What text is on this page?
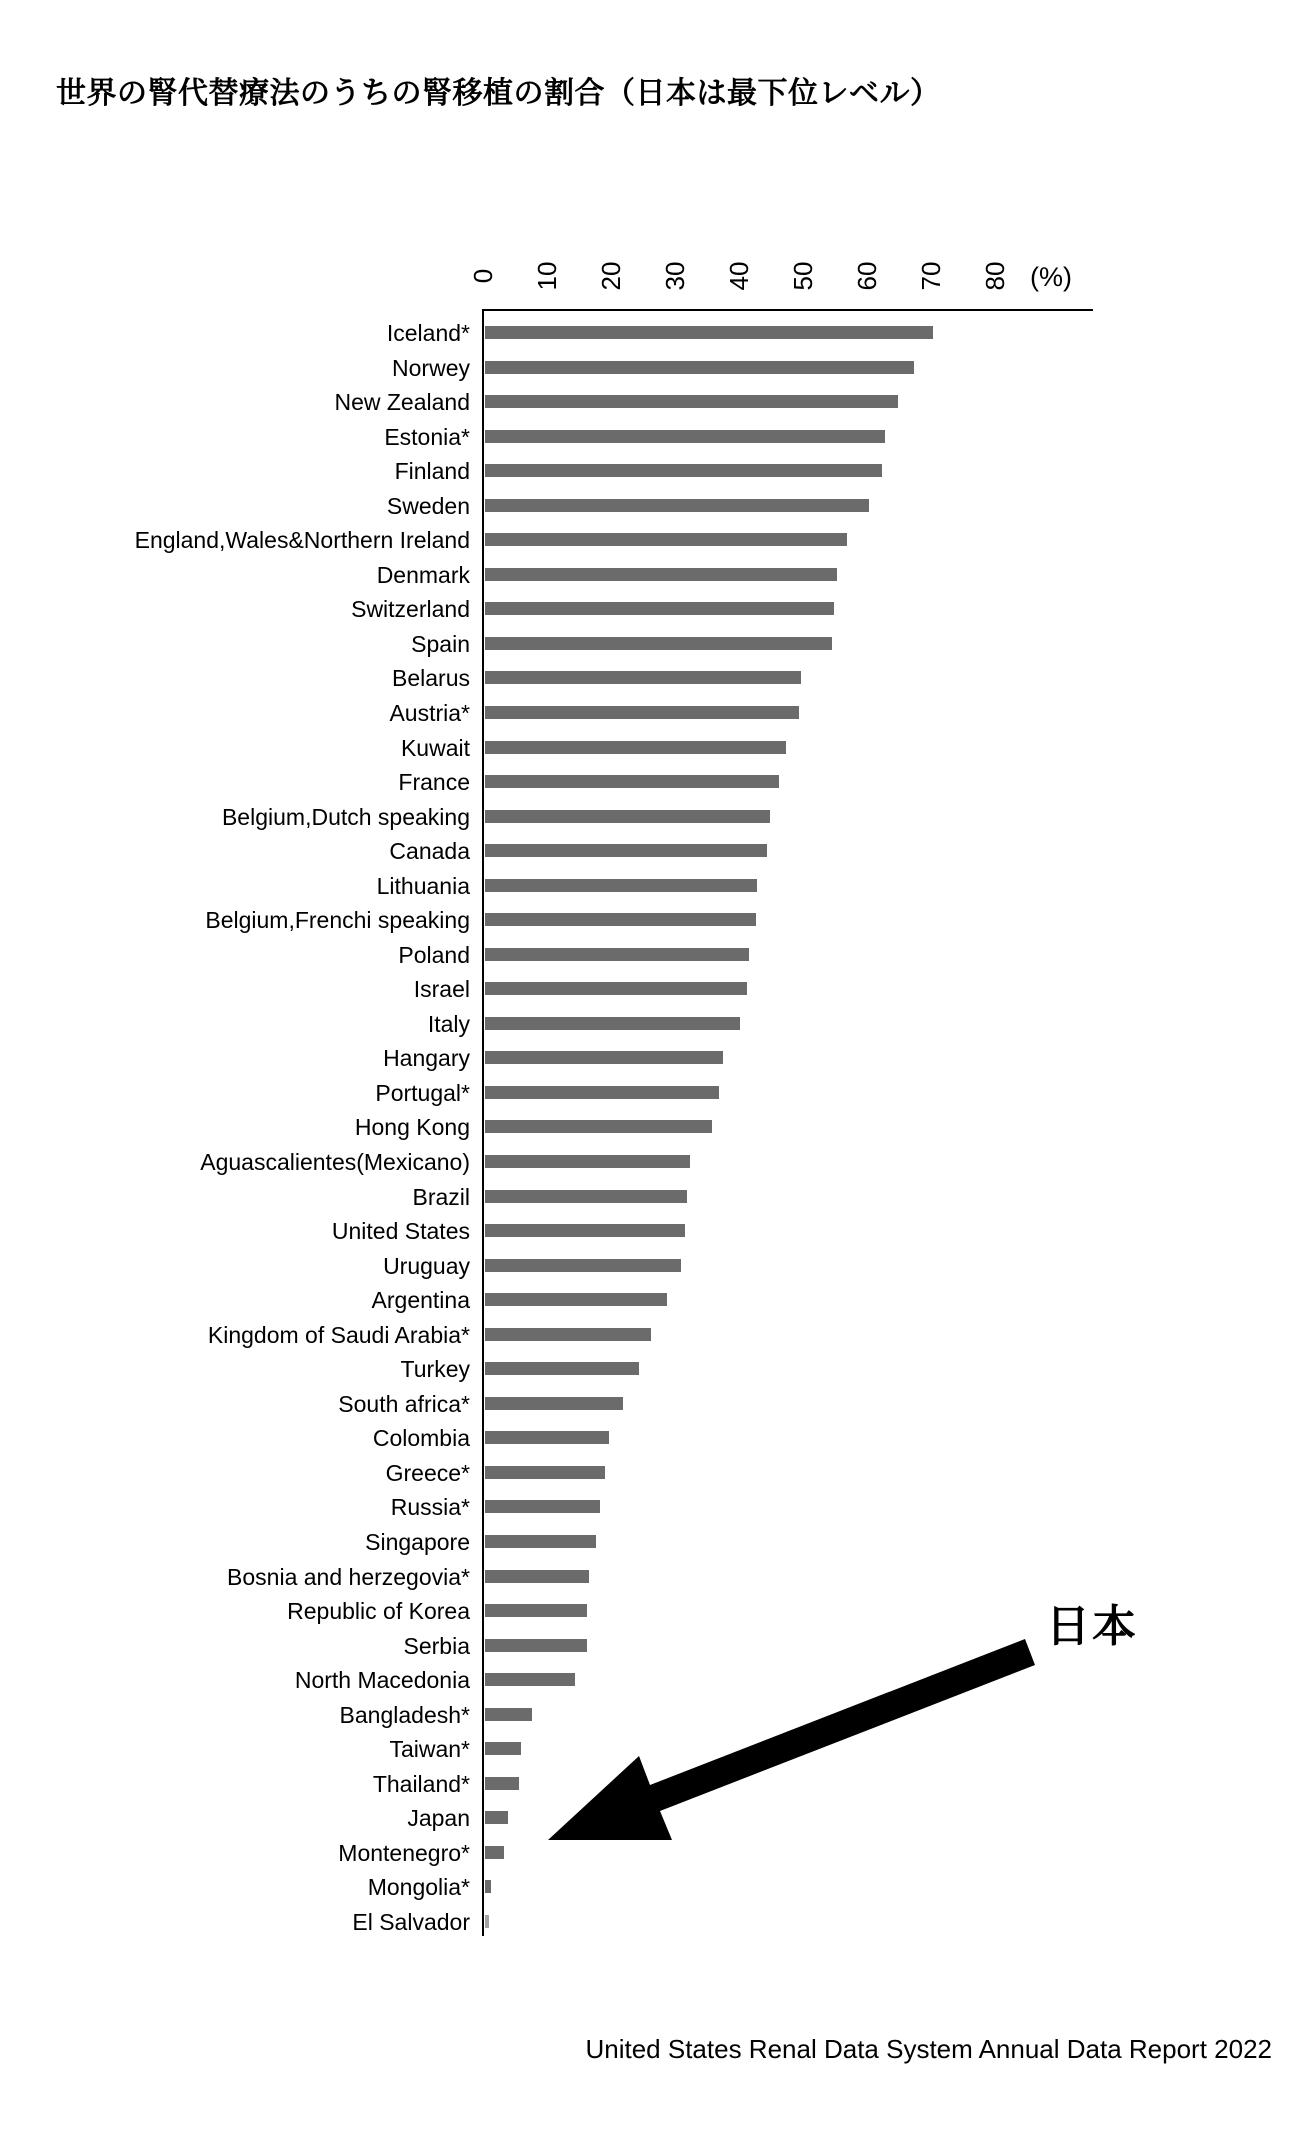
世界の腎代替療法のうちの腎移植の割合（日本は最下位レベル）
0 10 20 30 40 50 60 70 80 (%)
Iceland*
Norwey
New Zealand
Estonia*
Finland
Sweden
England,Wales&Northern Ireland
Denmark
Switzerland
Spain
Belarus
Austria*
Kuwait
France
Belgium,Dutch speaking
Canada
Lithuania
Belgium,Frenchi speaking
Poland
Israel
Italy
Hangary
Portugal*
Hong Kong
Aguascalientes(Mexicano)
Brazil
United States
Uruguay
Argentina
Kingdom of Saudi Arabia*
Turkey
South africa*
Colombia
Greece*
Russia*
Singapore
Bosnia and herzegovia*
Republic of Korea
Serbia
North Macedonia
Bangladesh*
Taiwan*
Thailand*
Japan
Montenegro*
Mongolia*
El Salvador
日本
United States Renal Data System Annual Data Report 2022
